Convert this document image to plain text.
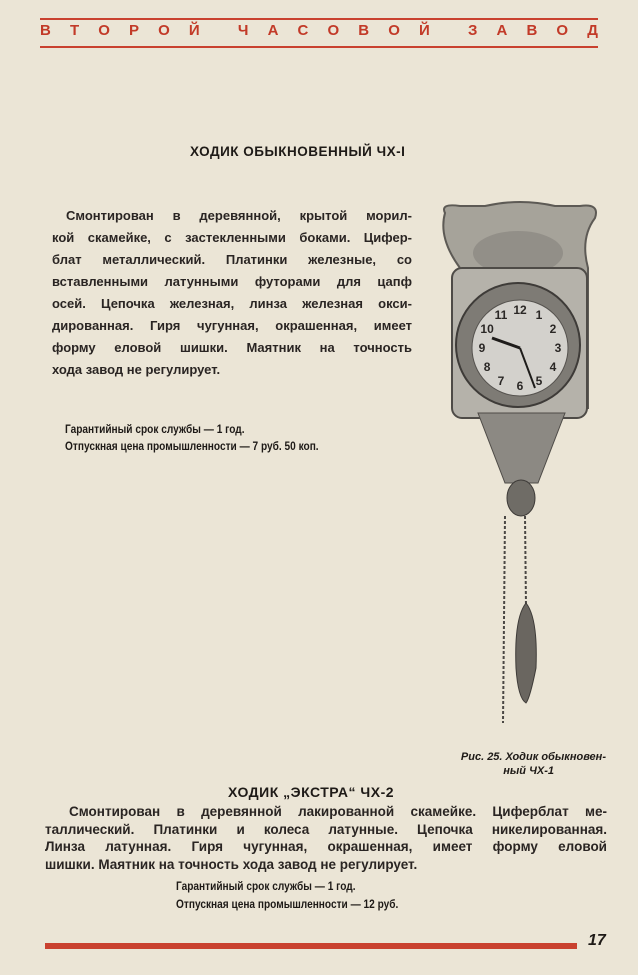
В Т О Р О Й	Ч А С О В О Й	З А В О Д
ХОДИК ОБЫКНОВЕННЫЙ ЧХ-I
Смонтирован в деревянной, крытой морил-
кой скамейке, с застекленными боками. Цифер-
блат металлический. Платинки железные, со
вставленными латунными футорами для цапф
осей. Цепочка железная, линза железная окси-
дированная. Гиря чугунная, окрашенная, имеет
форму еловой шишки. Маятник на точность
хода завод не регулирует.
Гарантийный срок службы — 1 год.
Отпускная цена промышленности — 7 руб. 50 коп.
12 1
2
3
4
5
6
7
8
9
10
11
Рис. 25. Ходик обыкновен-
ный ЧХ-1
ХОДИК „ЭКСТРА“ ЧХ-2
Смонтирован в деревянной лакированной скамейке. Циферблат ме-
таллический. Платинки и колеса латунные. Цепочка никелированная.
Линза латунная. Гиря чугунная, окрашенная, имеет форму еловой
шишки. Маятник на точность хода завод не регулирует.
Гарантийный срок службы — 1 год.
Отпускная цена промышленности — 12 руб.
17
